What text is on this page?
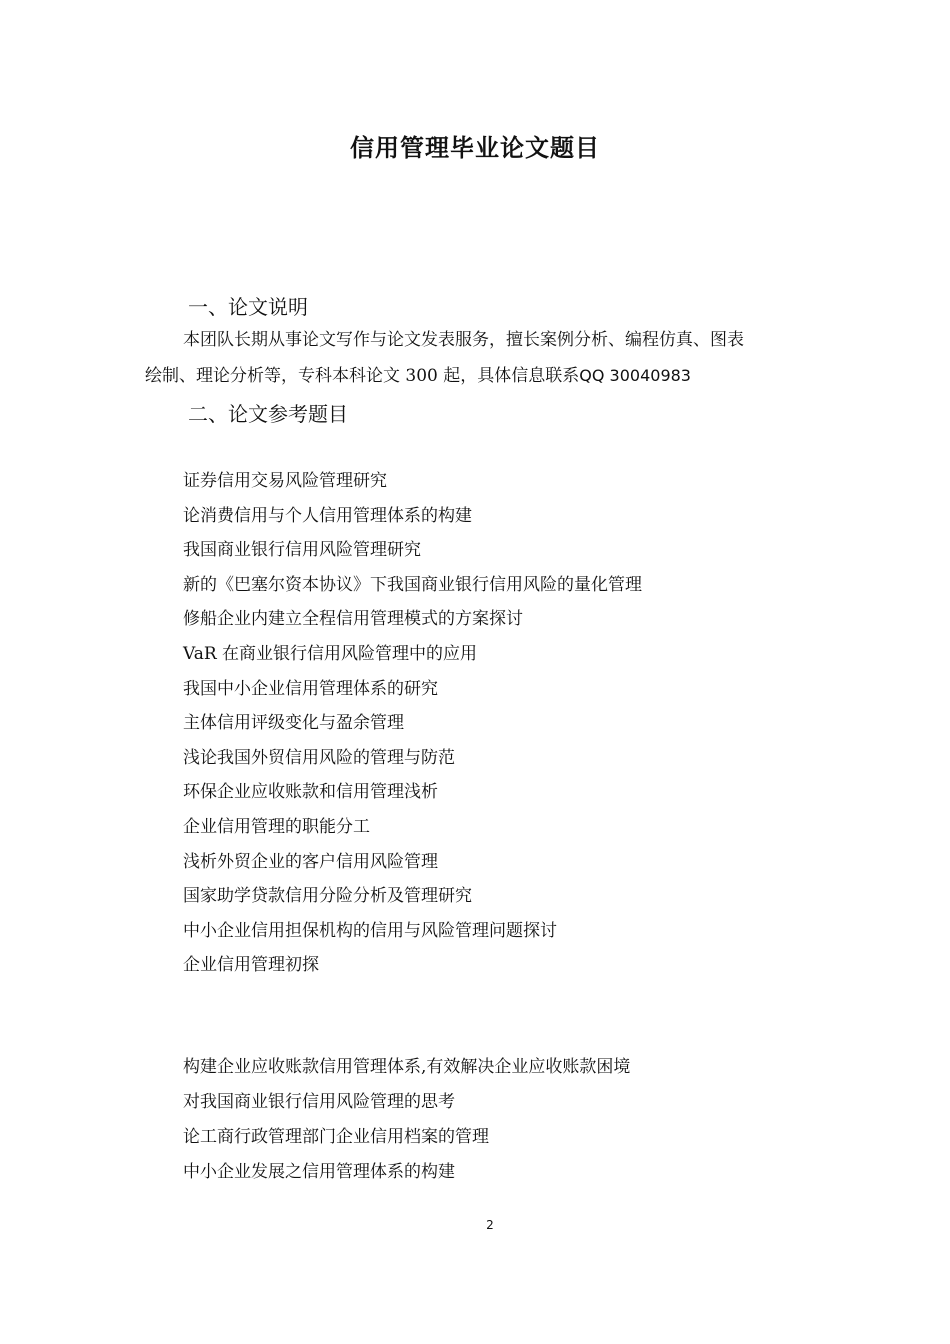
信用管理毕业论文题目
一、论文说明
本团队长期从事论文写作与论文发表服务，擅长案例分析、编程仿真、图表
绘制、理论分析等，专科本科论文 300 起，具体信息联系QQ 30040983
二、论文参考题目
证券信用交易风险管理研究
论消费信用与个人信用管理体系的构建
我国商业银行信用风险管理研究
新的《巴塞尔资本协议》下我国商业银行信用风险的量化管理
修船企业内建立全程信用管理模式的方案探讨
VaR 在商业银行信用风险管理中的应用
我国中小企业信用管理体系的研究
主体信用评级变化与盈余管理
浅论我国外贸信用风险的管理与防范
环保企业应收账款和信用管理浅析
企业信用管理的职能分工
浅析外贸企业的客户信用风险管理
国家助学贷款信用分险分析及管理研究
中小企业信用担保机构的信用与风险管理问题探讨
企业信用管理初探
构建企业应收账款信用管理体系,有效解决企业应收账款困境
对我国商业银行信用风险管理的思考
论工商行政管理部门企业信用档案的管理
中小企业发展之信用管理体系的构建
2
